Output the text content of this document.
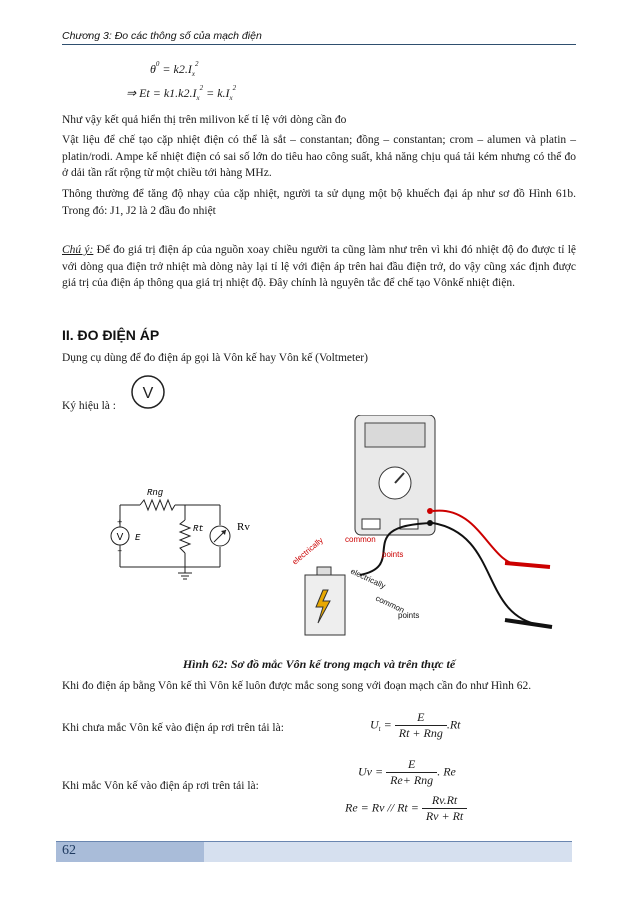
Chương 3: Đo các thông số của mạch điện
$\theta^0 = k2.I_x^2$
⇒ $Et = k1.k2.I_x^2 = k.I_x^2$

Như vậy kết quả hiển thị trên milivon kế tỉ lệ với dòng cần đo

Vật liệu để chế tạo cặp nhiệt điện có thể là sắt – constantan; đồng – constantan; crom – alumen và platin – platin/rodi. Ampe kế nhiệt điện có sai số lớn do tiêu hao công suất, khả năng chịu quá tải kém nhưng có thể đo ở dải tần rất rộng từ một chiều tới hàng MHz.

Thông thường để tăng độ nhạy của cặp nhiệt, người ta sử dụng một bộ khuếch đại áp như sơ đồ Hình 61b. Trong đó: J1, J2 là 2 đầu đo nhiệt

Chú ý: Để đo giá trị điện áp của nguồn xoay chiều người ta cũng làm như trên vì khi đó nhiệt độ đo được tỉ lệ với dòng qua điện trở nhiệt mà dòng này lại tỉ lệ với điện áp trên hai đầu điện trở, do vậy cũng xác định được giá trị của điện áp thông qua giá trị nhiệt độ. Đây chính là nguyên tắc để chế tạo Vônkế nhiệt điện.

II. ĐO ĐIỆN ÁP

Dụng cụ dùng để đo điện áp gọi là Vôn kế hay Vôn kế (Voltmeter)

Ký hiệu là :
V
V
Rng
Rt
E
+
–
Rv
electrically	common
points
electrically
common
points
Hình 62: Sơ đồ mắc Vôn kế trong mạch và trên thực tế

Khi đo điện áp bằng Vôn kế thì Vôn kế luôn được mắc song song với đoạn mạch cần đo như Hình 62.

Khi chưa mắc Vôn kế vào điện áp rơi trên tải là:	$U_t = \frac{E}{\text{Rt + Rng}} .Rt$
$Uv = \frac{E}{\text{Re+ Rng}}$ . Re
Khi mắc Vôn kế vào điện áp rơi trên tải là:
$Re = Rv // Rt = \frac{Rv.Rt}{Rv + Rt}$
62
